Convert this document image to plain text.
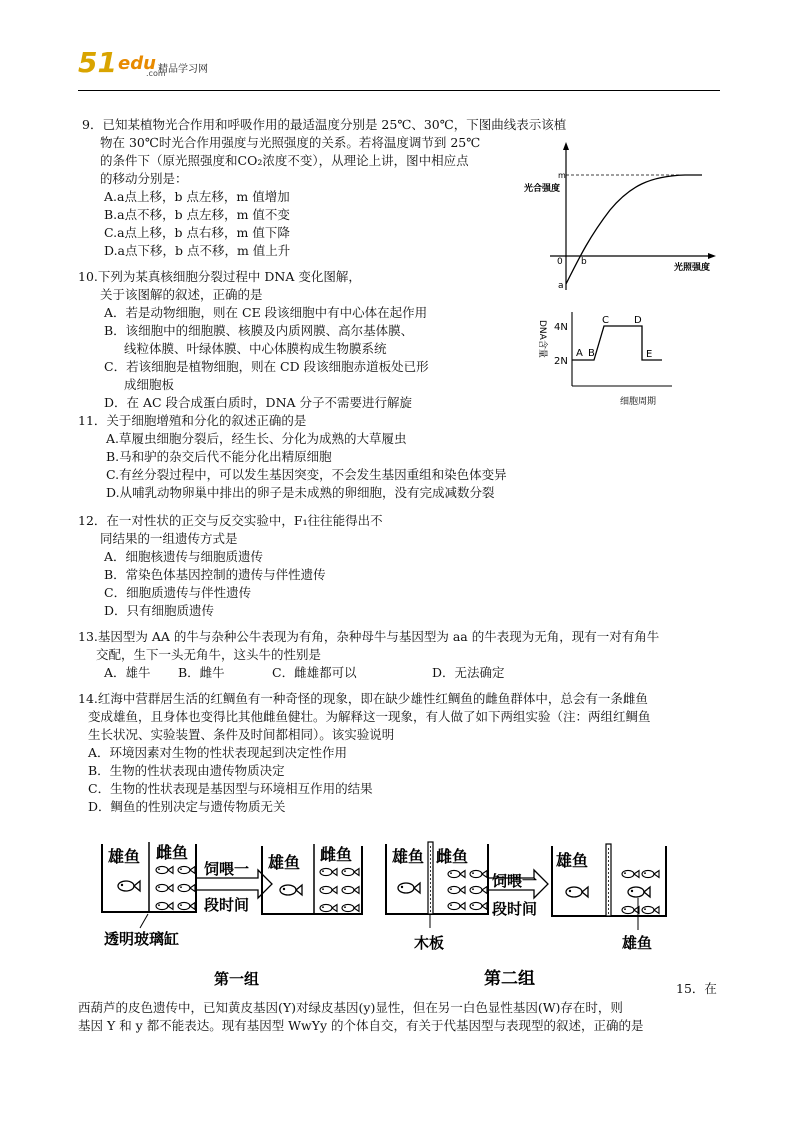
51 edu 精品学习网
.com
9．已知某植物光合作用和呼吸作用的最适温度分别是 25℃、30℃，下图曲线表示该植
物在 30℃时光合作用强度与光照强度的关系。若将温度调节到 25℃
的条件下（原光照强度和CO₂浓度不变），从理论上讲，图中相应点
的移动分别是：
A.a点上移，b 点左移，m 值增加
B.a点不移，b 点左移，m 值不变
C.a点上移，b 点右移，m 值下降
D.a点下移，b 点不移，m 值上升
光合强度
m
0 b
a
光照强度
10.下列为某真核细胞分裂过程中 DNA 变化图解，
关于该图解的叙述，正确的是
A．若是动物细胞，则在 CE 段该细胞中有中心体在起作用
B．该细胞中的细胞膜、核膜及内质网膜、高尔基体膜、
线粒体膜、叶绿体膜、中心体膜构成生物膜系统
C．若该细胞是植物细胞，则在 CD 段该细胞赤道板处已形
成细胞板
D．在 AC 段合成蛋白质时，DNA 分子不需要进行解旋
DNA含量 4N
2N
A B
C	D
E
细胞周期
11．关于细胞增殖和分化的叙述正确的是
A.草履虫细胞分裂后，经生长、分化为成熟的大草履虫
B.马和驴的杂交后代不能分化出精原细胞
C.有丝分裂过程中，可以发生基因突变，不会发生基因重组和染色体变异
D.从哺乳动物卵巢中排出的卵子是未成熟的卵细胞，没有完成减数分裂
12．在一对性状的正交与反交实验中，F₁往往能得出不
同结果的一组遗传方式是
A．细胞核遗传与细胞质遗传
B．常染色体基因控制的遗传与伴性遗传
C．细胞质遗传与伴性遗传
D．只有细胞质遗传
13.基因型为 AA 的牛与杂种公牛表现为有角，杂种母牛与基因型为 aa 的牛表现为无角，现有一对有角牛
交配，生下一头无角牛，这头牛的性别是
A．雄牛 B．雌牛	C．雌雄都可以	D．无法确定
14.红海中营群居生活的红鲷鱼有一种奇怪的现象，即在缺少雄性红鲷鱼的雌鱼群体中，总会有一条雌鱼
变成雄鱼，且身体也变得比其他雌鱼健壮。为解释这一现象，有人做了如下两组实验（注：两组红鲷鱼
生长状况、实验装置、条件及时间都相同）。该实验说明
A．环境因素对生物的性状表现起到决定性作用
B．生物的性状表现由遗传物质决定
C．生物的性状表现是基因型与环境相互作用的结果
D．鲷鱼的性别决定与遗传物质无关
雄鱼 雌鱼
饲喂一
段时间
雄鱼 雌鱼
透明玻璃缸
第一组
雄鱼 雌鱼
饲喂一
段时间
雄鱼
木板	雄鱼
第二组	15．在
西葫芦的皮色遗传中，已知黄皮基因(Y)对绿皮基因(y)显性，但在另一白色显性基因(W)存在时，则
基因 Y 和 y 都不能表达。现有基因型 WwYy 的个体自交，有关于代基因型与表现型的叙述，正确的是
